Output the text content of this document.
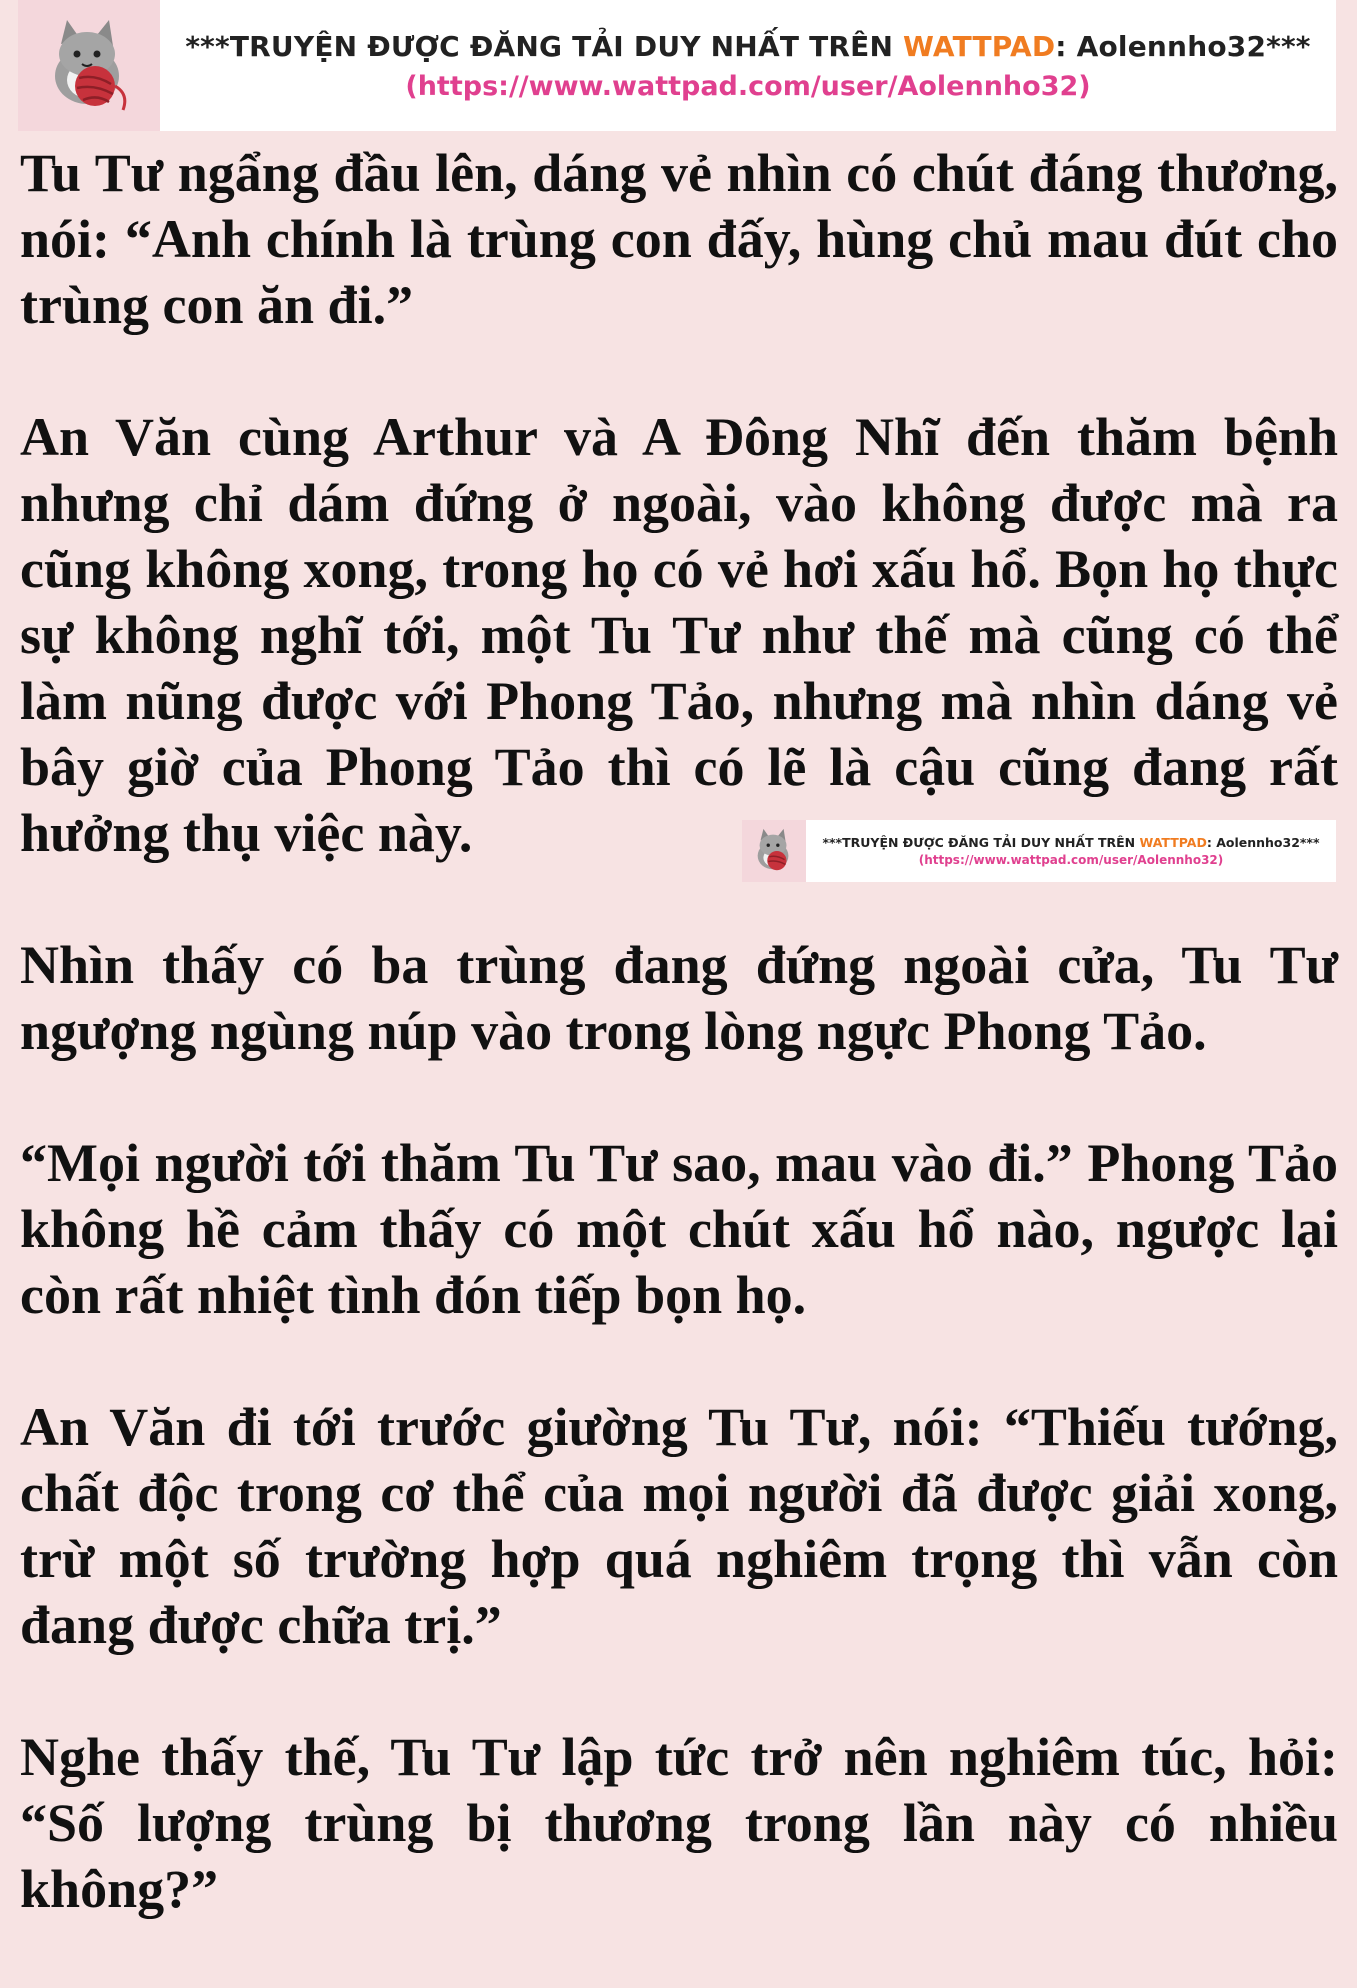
***TRUYỆN ĐƯỢC ĐĂNG TẢI DUY NHẤT TRÊN WATTPAD: Aolennho32***
(https://www.wattpad.com/user/Aolennho32)

Tu Tư ngẩng đầu lên, dáng vẻ nhìn có chút đáng thương, nói: “Anh chính là trùng con đấy, hùng chủ mau đút cho trùng con ăn đi.”

An Văn cùng Arthur và A Đông Nhĩ đến thăm bệnh nhưng chỉ dám đứng ở ngoài, vào không được mà ra cũng không xong, trong họ có vẻ hơi xấu hổ. Bọn họ thực sự không nghĩ tới, một Tu Tư như thế mà cũng có thể làm nũng được với Phong Tảo, nhưng mà nhìn dáng vẻ bây giờ của Phong Tảo thì có lẽ là cậu cũng đang rất hưởng thụ việc này.

Nhìn thấy có ba trùng đang đứng ngoài cửa, Tu Tư ngượng ngùng núp vào trong lòng ngực Phong Tảo.

“Mọi người tới thăm Tu Tư sao, mau vào đi.” Phong Tảo không hề cảm thấy có một chút xấu hổ nào, ngược lại còn rất nhiệt tình đón tiếp bọn họ.

An Văn đi tới trước giường Tu Tư, nói: “Thiếu tướng, chất độc trong cơ thể của mọi người đã được giải xong, trừ một số trường hợp quá nghiêm trọng thì vẫn còn đang được chữa trị.”

Nghe thấy thế, Tu Tư lập tức trở nên nghiêm túc, hỏi: “Số lượng trùng bị thương trong lần này có nhiều không?”

***TRUYỆN ĐƯỢC ĐĂNG TẢI DUY NHẤT TRÊN WATTPAD: Aolennho32***
(https://www.wattpad.com/user/Aolennho32)
